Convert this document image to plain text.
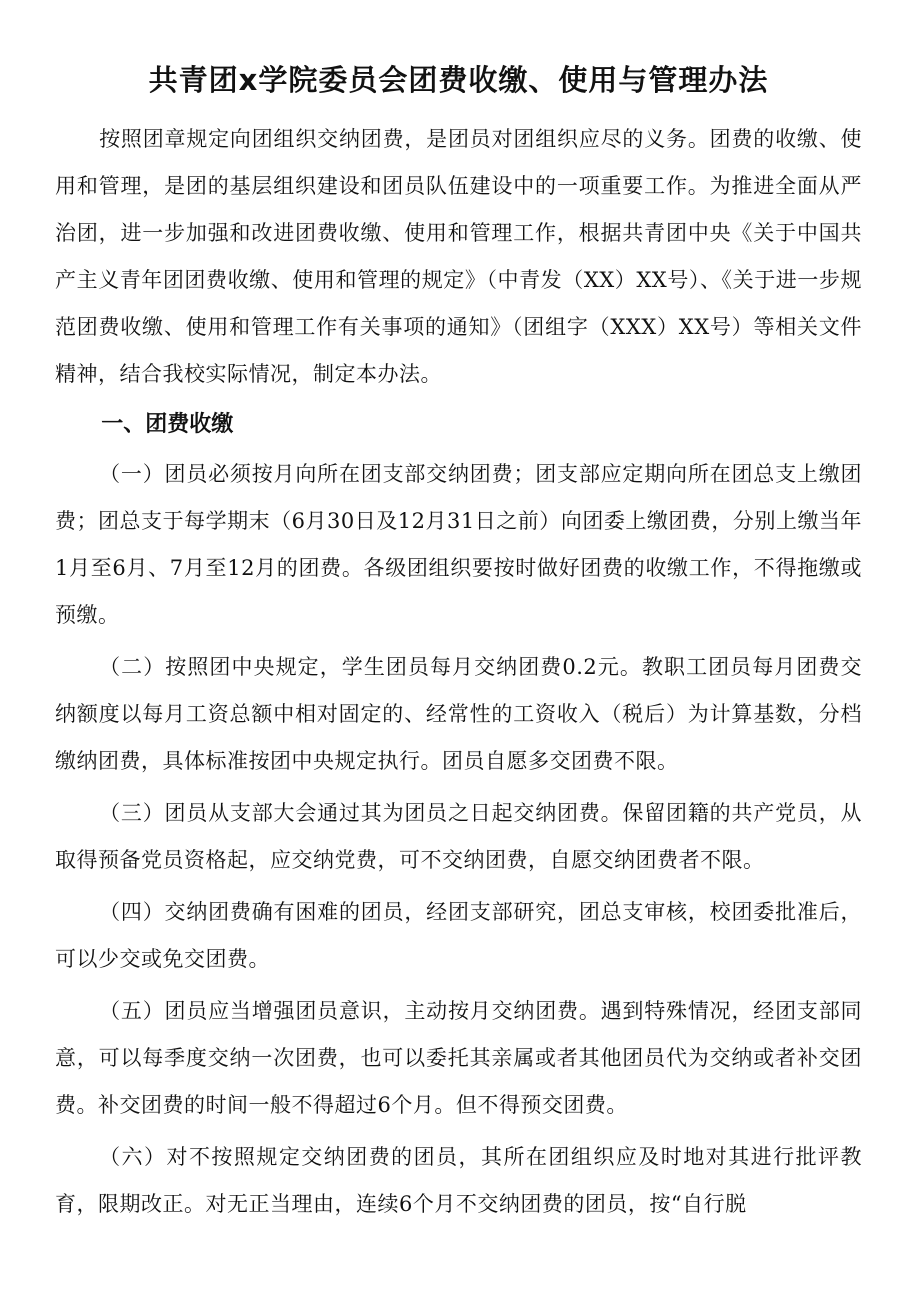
共青团x学院委员会团费收缴、使用与管理办法

按照团章规定向团组织交纳团费，是团员对团组织应尽的义务。团费的收缴、使用和管理，是团的基层组织建设和团员队伍建设中的一项重要工作。为推进全面从严治团，进一步加强和改进团费收缴、使用和管理工作，根据共青团中央《关于中国共产主义青年团团费收缴、使用和管理的规定》（中青发（XX）XX号）、《关于进一步规范团费收缴、使用和管理工作有关事项的通知》（团组字（XXX）XX号）等相关文件精神，结合我校实际情况，制定本办法。

一、团费收缴

（一）团员必须按月向所在团支部交纳团费；团支部应定期向所在团总支上缴团费；团总支于每学期末（6月30日及12月31日之前）向团委上缴团费，分别上缴当年1月至6月、7月至12月的团费。各级团组织要按时做好团费的收缴工作，不得拖缴或预缴。

（二）按照团中央规定，学生团员每月交纳团费0.2元。教职工团员每月团费交纳额度以每月工资总额中相对固定的、经常性的工资收入（税后）为计算基数，分档缴纳团费，具体标准按团中央规定执行。团员自愿多交团费不限。

（三）团员从支部大会通过其为团员之日起交纳团费。保留团籍的共产党员，从取得预备党员资格起，应交纳党费，可不交纳团费，自愿交纳团费者不限。

（四）交纳团费确有困难的团员，经团支部研究，团总支审核，校团委批准后，可以少交或免交团费。

（五）团员应当增强团员意识，主动按月交纳团费。遇到特殊情况，经团支部同意，可以每季度交纳一次团费，也可以委托其亲属或者其他团员代为交纳或者补交团费。补交团费的时间一般不得超过6个月。但不得预交团费。

（六）对不按照规定交纳团费的团员，其所在团组织应及时地对其进行批评教育，限期改正。对无正当理由，连续6个月不交纳团费的团员，按“自行脱
